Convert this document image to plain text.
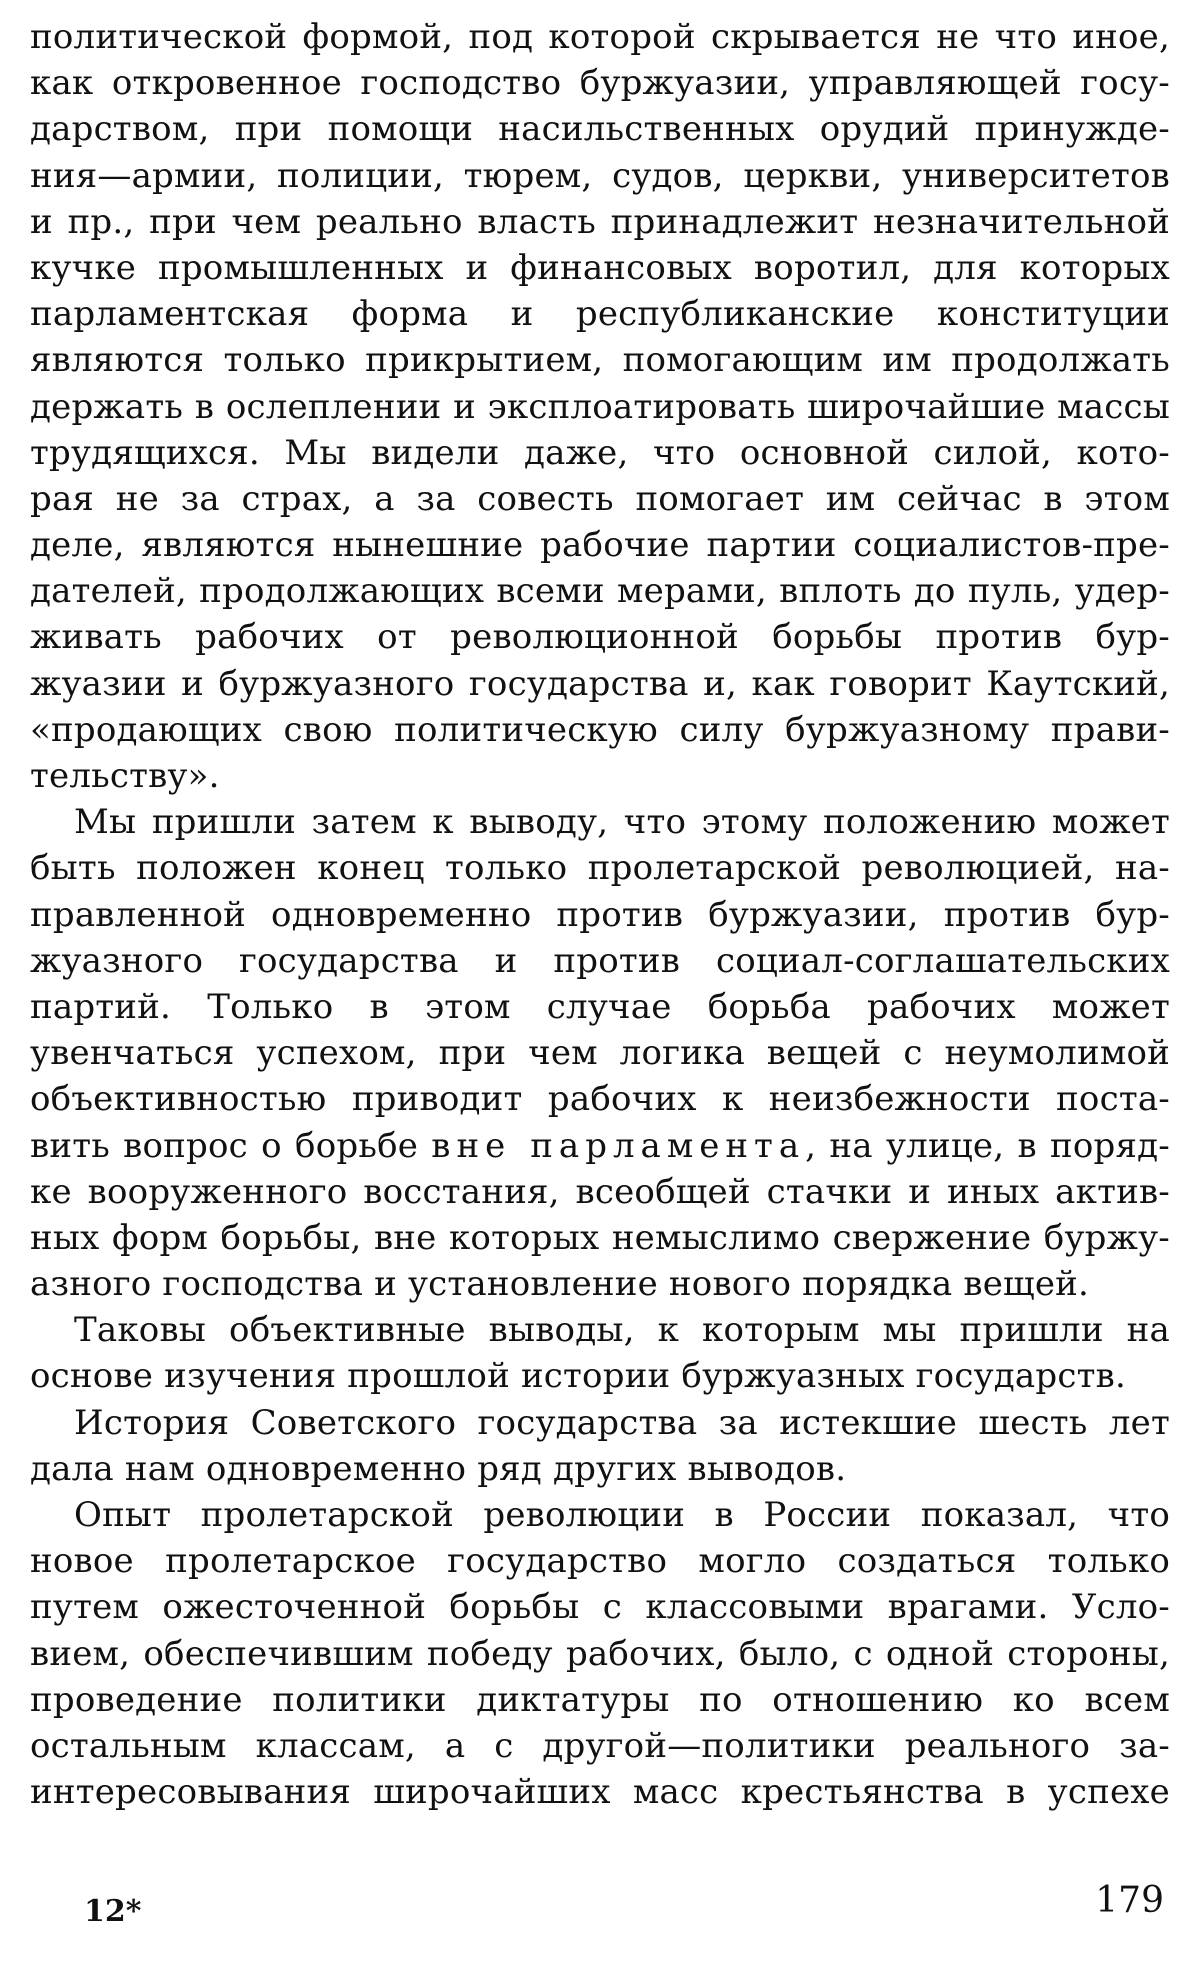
политической формой, под которой скрывается не что иное,
как откровенное господство буржуазии, управляющей госу-
дарством, при помощи насильственных орудий принужде-
ния—армии, полиции, тюрем, судов, церкви, университетов
и пр., при чем реально власть принадлежит незначительной
кучке промышленных и финансовых воротил, для которых
парламентская форма и республиканские конституции
являются только прикрытием, помогающим им продолжать
держать в ослеплении и эксплоатировать широчайшие массы
трудящихся. Мы видели даже, что основной силой, кото-
рая не за страх, а за совесть помогает им сейчас в этом
деле, являются нынешние рабочие партии социалистов-пре-
дателей, продолжающих всеми мерами, вплоть до пуль, удер-
живать рабочих от революционной борьбы против бур-
жуазии и буржуазного государства и, как говорит Каутский,
«продающих свою политическую силу буржуазному прави-
тельству».
Мы пришли затем к выводу, что этому положению может
быть положен конец только пролетарской революцией, на-
правленной одновременно против буржуазии, против бур-
жуазного государства и против социал-соглашательских
партий. Только в этом случае борьба рабочих может
увенчаться успехом, при чем логика вещей с неумолимой
объективностью приводит рабочих к неизбежности поста-
вить вопрос о борьбе вне парламента, на улице, в поряд-
ке вооруженного восстания, всеобщей стачки и иных актив-
ных форм борьбы, вне которых немыслимо свержение буржу-
азного господства и установление нового порядка вещей.
Таковы объективные выводы, к которым мы пришли на
основе изучения прошлой истории буржуазных государств.
История Советского государства за истекшие шесть лет
дала нам одновременно ряд других выводов.
Опыт пролетарской революции в России показал, что
новое пролетарское государство могло создаться только
путем ожесточенной борьбы с классовыми врагами. Усло-
вием, обеспечившим победу рабочих, было, с одной стороны,
проведение политики диктатуры по отношению ко всем
остальным классам, а с другой—политики реального за-
интересовывания широчайших масс крестьянства в успехе
12*	179
